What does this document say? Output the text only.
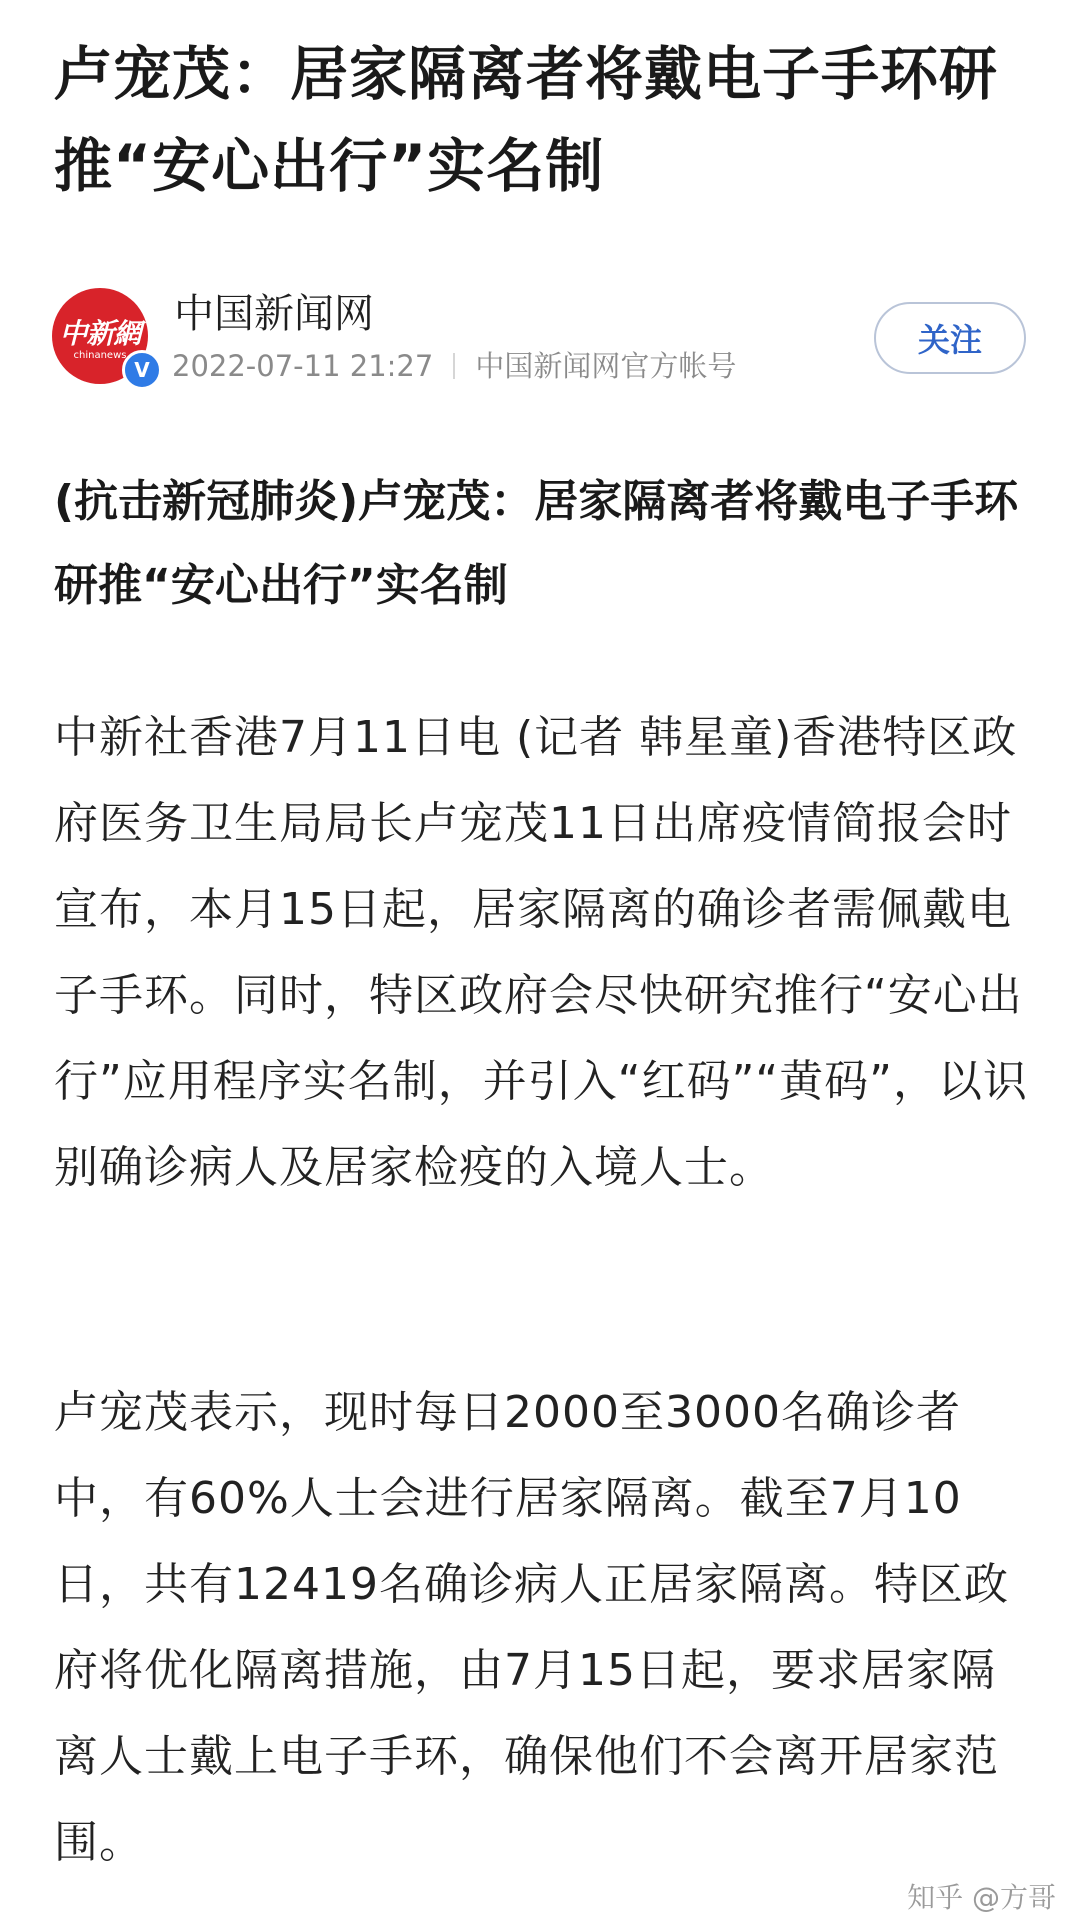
卢宠茂：居家隔离者将戴电子手环研推“安心出行”实名制
中新網
chinanews
V
中国新闻网
2022-07-11 21:27 中国新闻网官方帐号
关注
(抗击新冠肺炎)卢宠茂：居家隔离者将戴电子手环 研推“安心出行”实名制

中新社香港7月11日电 (记者 韩星童)香港特区政府医务卫生局局长卢宠茂11日出席疫情简报会时宣布，本月15日起，居家隔离的确诊者需佩戴电子手环。同时，特区政府会尽快研究推行“安心出行”应用程序实名制，并引入“红码”“黄码”，以识别确诊病人及居家检疫的入境人士。

卢宠茂表示，现时每日2000至3000名确诊者中，有60%人士会进行居家隔离。截至7月10日，共有12419名确诊病人正居家隔离。特区政府将优化隔离措施，由7月15日起，要求居家隔离人士戴上电子手环，确保他们不会离开居家范围。

知乎 @方哥
